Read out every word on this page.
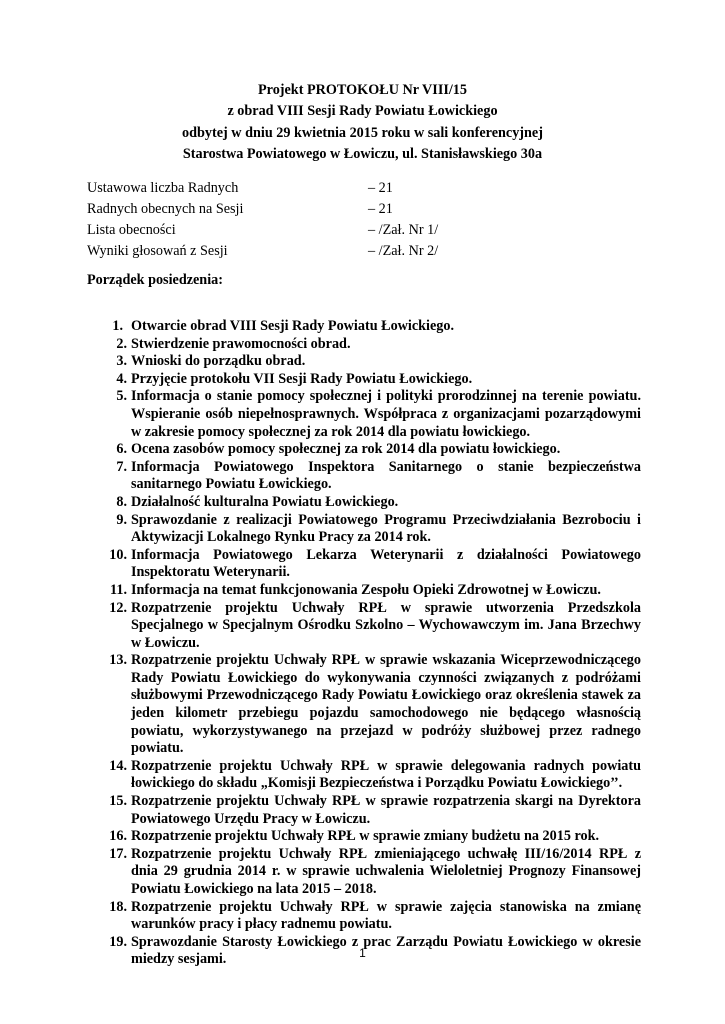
Projekt PROTOKOŁU Nr VIII/15
z obrad VIII Sesji Rady Powiatu Łowickiego
odbytej w dniu 29 kwietnia 2015 roku w sali konferencyjnej
Starostwa Powiatowego w Łowiczu, ul. Stanisławskiego 30a
Ustawowa liczba Radnych	– 21
Radnych obecnych na Sesji	– 21
Lista obecności	– /Zał. Nr 1/
Wyniki głosowań z Sesji	– /Zał. Nr 2/
Porządek posiedzenia:
1. Otwarcie obrad VIII Sesji Rady Powiatu Łowickiego.
2. Stwierdzenie prawomocności obrad.
3. Wnioski do porządku obrad.
4. Przyjęcie protokołu VII Sesji Rady Powiatu Łowickiego.
5. Informacja o stanie pomocy społecznej i polityki prorodzinnej na terenie powiatu. Wspieranie osób niepełnosprawnych. Współpraca z organizacjami pozarządowymi w zakresie pomocy społecznej za rok 2014 dla powiatu łowickiego.
6. Ocena zasobów pomocy społecznej za rok 2014 dla powiatu łowickiego.
7. Informacja Powiatowego Inspektora Sanitarnego o stanie bezpieczeństwa sanitarnego Powiatu Łowickiego.
8. Działalność kulturalna Powiatu Łowickiego.
9. Sprawozdanie z realizacji Powiatowego Programu Przeciwdziałania Bezrobociu i Aktywizacji Lokalnego Rynku Pracy za 2014 rok.
10. Informacja Powiatowego Lekarza Weterynarii z działalności Powiatowego Inspektoratu Weterynarii.
11. Informacja na temat funkcjonowania Zespołu Opieki Zdrowotnej w Łowiczu.
12. Rozpatrzenie projektu Uchwały RPŁ w sprawie utworzenia Przedszkola Specjalnego w Specjalnym Ośrodku Szkolno – Wychowawczym im. Jana Brzechwy w Łowiczu.
13. Rozpatrzenie projektu Uchwały RPŁ w sprawie wskazania Wiceprzewodniczącego Rady Powiatu Łowickiego do wykonywania czynności związanych z podróżami służbowymi Przewodniczącego Rady Powiatu Łowickiego oraz określenia stawek za jeden kilometr przebiegu pojazdu samochodowego nie będącego własnością powiatu, wykorzystywanego na przejazd w podróży służbowej przez radnego powiatu.
14. Rozpatrzenie projektu Uchwały RPŁ w sprawie delegowania radnych powiatu łowickiego do składu „Komisji Bezpieczeństwa i Porządku Powiatu Łowickiego’’.
15. Rozpatrzenie projektu Uchwały RPŁ w sprawie rozpatrzenia skargi na Dyrektora Powiatowego Urzędu Pracy w Łowiczu.
16. Rozpatrzenie projektu Uchwały RPŁ w sprawie zmiany budżetu na 2015 rok.
17. Rozpatrzenie projektu Uchwały RPŁ zmieniającego uchwałę III/16/2014 RPŁ z dnia 29 grudnia 2014 r. w sprawie uchwalenia Wieloletniej Prognozy Finansowej Powiatu Łowickiego na lata 2015 – 2018.
18. Rozpatrzenie projektu Uchwały RPŁ w sprawie zajęcia stanowiska na zmianę warunków pracy i płacy radnemu powiatu.
19. Sprawozdanie Starosty Łowickiego z prac Zarządu Powiatu Łowickiego w okresie miedzy sesjami.	1
